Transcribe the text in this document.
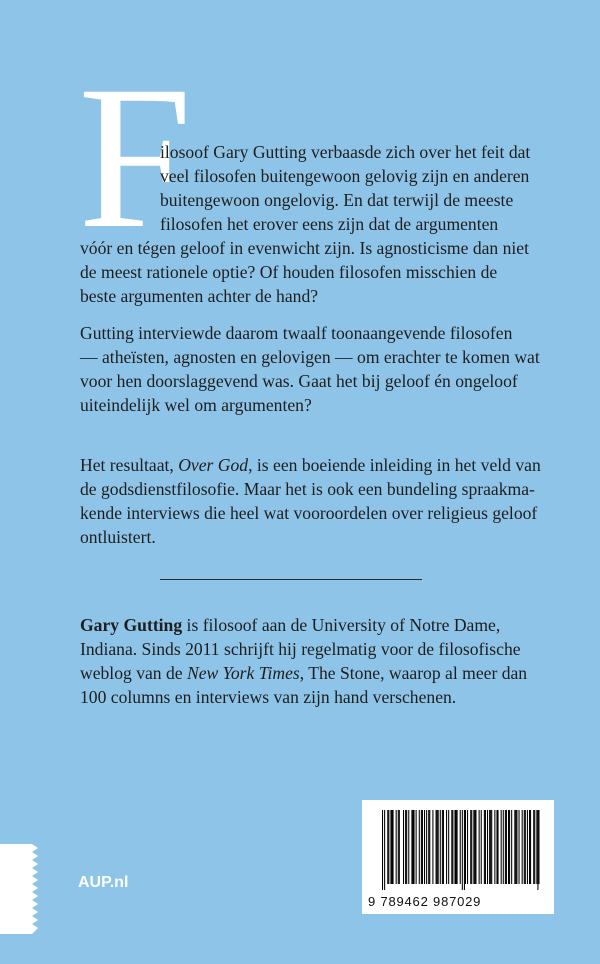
F

ilosoof Gary Gutting verbaasde zich over het feit dat
veel filosofen buitengewoon gelovig zijn en anderen
buitengewoon ongelovig. En dat terwijl de meeste
filosofen het erover eens zijn dat de argumenten
vóór en tégen geloof in evenwicht zijn. Is agnosticisme dan niet
de meest rationele optie? Of houden filosofen misschien de
beste argumenten achter de hand?

Gutting interviewde daarom twaalf toonaangevende filosofen
— atheïsten, agnosten en gelovigen — om erachter te komen wat
voor hen doorslaggevend was. Gaat het bij geloof én ongeloof
uiteindelijk wel om argumenten?

Het resultaat, Over God, is een boeiende inleiding in het veld van
de godsdienstfilosofie. Maar het is ook een bundeling spraakma-
kende interviews die heel wat vooroordelen over religieus geloof
ontluistert.

Gary Gutting is filosoof aan de University of Notre Dame,
Indiana. Sinds 2011 schrijft hij regelmatig voor de filosofische
weblog van de New York Times, The Stone, waarop al meer dan
100 columns en interviews van zijn hand verschenen.

AUP.nl
9 789462 987029
